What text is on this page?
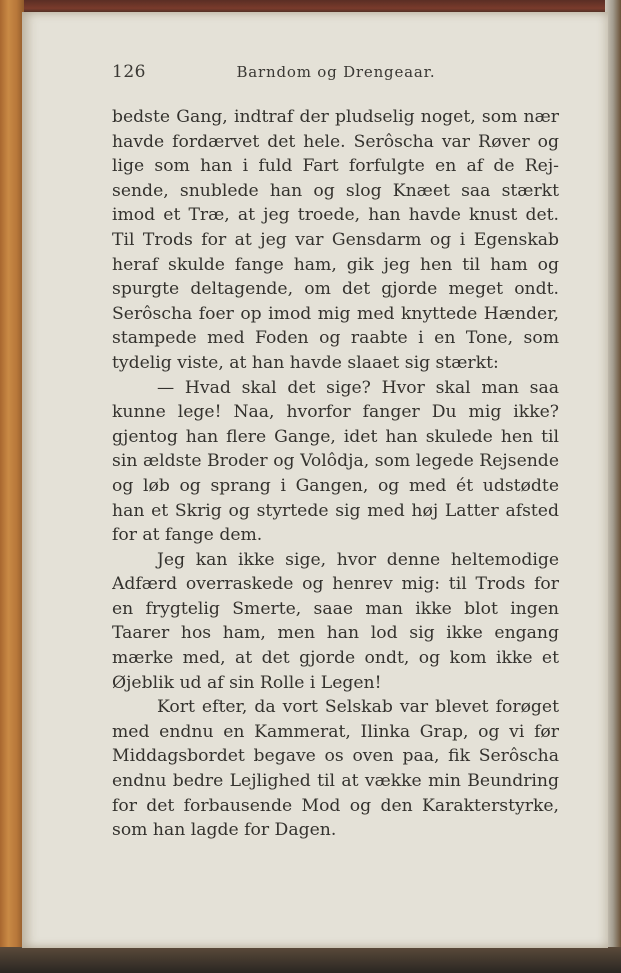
126	Barndom og Drengeaar.
bedste Gang, indtraf der pludselig noget, som nær
havde fordærvet det hele. Serôscha var Røver og
lige som han i fuld Fart forfulgte en af de Rej-
sende, snublede han og slog Knæet saa stærkt
imod et Træ, at jeg troede, han havde knust det.
Til Trods for at jeg var Gensdarm og i Egenskab
heraf skulde fange ham, gik jeg hen til ham og
spurgte deltagende, om det gjorde meget ondt.
Serôscha foer op imod mig med knyttede Hænder,
stampede med Foden og raabte i en Tone, som
tydelig viste, at han havde slaaet sig stærkt:
— Hvad skal det sige? Hvor skal man saa
kunne lege! Naa, hvorfor fanger Du mig ikke?
gjentog han flere Gange, idet han skulede hen til
sin ældste Broder og Volôdja, som legede Rejsende
og løb og sprang i Gangen, og med ét udstødte
han et Skrig og styrtede sig med høj Latter afsted
for at fange dem.
Jeg kan ikke sige, hvor denne heltemodige
Adfærd overraskede og henrev mig: til Trods for
en frygtelig Smerte, saae man ikke blot ingen
Taarer hos ham, men han lod sig ikke engang
mærke med, at det gjorde ondt, og kom ikke et
Øjeblik ud af sin Rolle i Legen!
Kort efter, da vort Selskab var blevet forøget
med endnu en Kammerat, Ilinka Grap, og vi før
Middagsbordet begave os oven paa, fik Serôscha
endnu bedre Lejlighed til at vække min Beundring
for det forbausende Mod og den Karakterstyrke,
som han lagde for Dagen.
